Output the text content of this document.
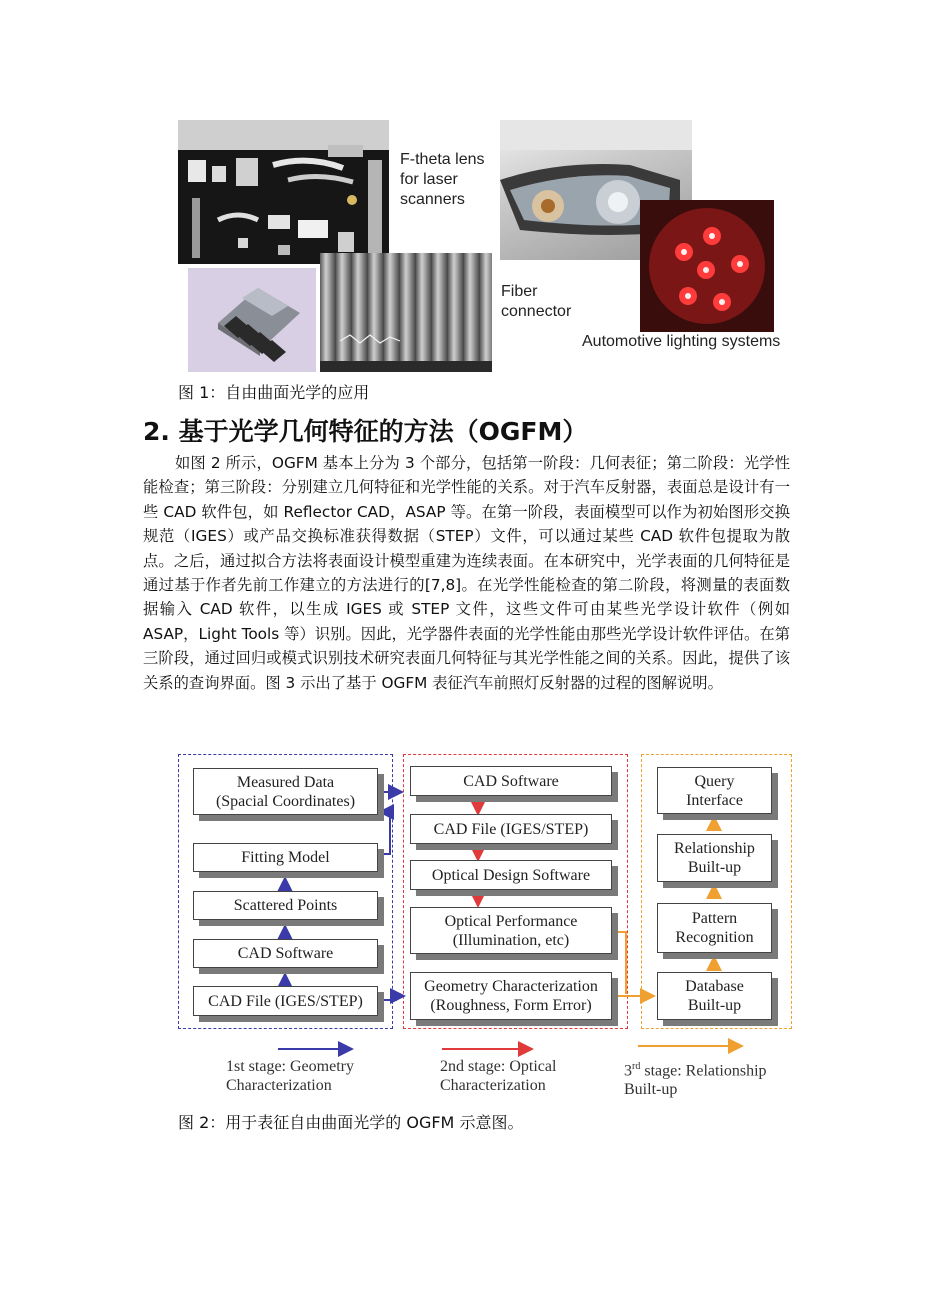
F-theta lens
for laser
scanners
Fiber
connector
Automotive lighting systems
图 1：自由曲面光学的应用
2. 基于光学几何特征的方法（OGFM）

如图 2 所示，OGFM 基本上分为 3 个部分，包括第一阶段：几何表征；第二阶段：光学性能检查；第三阶段：分别建立几何特征和光学性能的关系。对于汽车反射器，表面总是设计有一些 CAD 软件包，如 Reflector CAD，ASAP 等。在第一阶段，表面模型可以作为初始图形交换规范（IGES）或产品交换标准获得数据（STEP）文件，可以通过某些 CAD 软件包提取为散点。之后，通过拟合方法将表面设计模型重建为连续表面。在本研究中，光学表面的几何特征是通过基于作者先前工作建立的方法进行的[7,8]。在光学性能检查的第二阶段，将测量的表面数据输入 CAD 软件，以生成 IGES 或 STEP 文件，这些文件可由某些光学设计软件（例如 ASAP，Light Tools 等）识别。因此，光学器件表面的光学性能由那些光学设计软件评估。在第三阶段，通过回归或模式识别技术研究表面几何特征与其光学性能之间的关系。因此，提供了该关系的查询界面。图 3 示出了基于 OGFM 表征汽车前照灯反射器的过程的图解说明。

Measured Data
(Spacial Coordinates)
Fitting Model
Scattered Points
CAD Software
CAD File (IGES/STEP)
CAD Software
CAD File (IGES/STEP)
Optical Design Software
Optical Performance
(Illumination, etc)
Geometry Characterization
(Roughness, Form Error)
Query
Interface
Relationship
Built-up
Pattern
Recognition
Database
Built-up
1st stage: Geometry
Characterization
2nd stage: Optical
Characterization
3rd stage: Relationship
Built-up
图 2：用于表征自由曲面光学的 OGFM 示意图。
